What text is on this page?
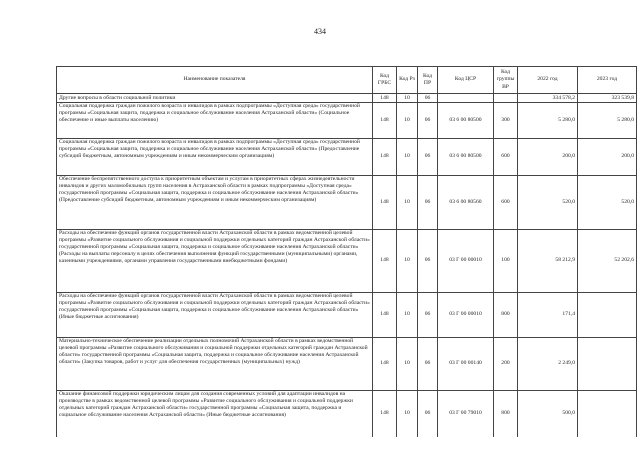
434
Наименование показателя	Код ГРБС	Код Рз	Код ПР	Код ЦСР	Код группы ВР	2022 год	2023 год
Другие вопросы в области социальной политики	148	10	06			334 578,2	323 539,8
Социальная поддержка граждан пожилого возраста и инвалидов в рамках подпрограммы «Доступная среда» государственной программы «Социальная защита, поддержка и социальное обслуживание населения Астраханской области» (Социальное обеспечение и иные выплаты населению)	148	10	06	03 6 00 80500	300	5 280,0	5 280,0
Социальная поддержка граждан пожилого возраста и инвалидов в рамках подпрограммы «Доступная среда» государственной программы «Социальная защита, поддержка и социальное обслуживание населения Астраханской области» (Предоставление субсидий бюджетным, автономным учреждениям и иным некоммерческим организациям)	148	10	06	03 6 00 80500	600	200,0	200,0
Обеспечение беспрепятственного доступа к приоритетным объектам и услугам в приоритетных сферах жизнедеятельности инвалидов и других маломобильных групп населения в Астраханской области в рамках подпрограммы «Доступная среда» государственной программы «Социальная защита, поддержка и социальное обслуживание населения Астраханской области» (Предоставление субсидий бюджетным, автономным учреждениям и иным некоммерческим организациям)	148	10	06	03 6 00 80560	600	520,0	520,0
Расходы на обеспечение функций органов государственной власти Астраханской области в рамках ведомственной целевой программы «Развитие социального обслуживания и социальной поддержки отдельных категорий граждан Астраханской области» государственной программы «Социальная защита, поддержка и социальное обслуживание населения Астраханской области» (Расходы на выплаты персоналу в целях обеспечения выполнения функций государственными (муниципальными) органами, казенными учреждениями, органами управления государственными внебюджетными фондами)	148	10	06	03 Г 00 00010	100	58 212,9	52 202,6
Расходы на обеспечение функций органов государственной власти Астраханской области в рамках ведомственной целевой программы «Развитие социального обслуживания и социальной поддержки отдельных категорий граждан Астраханской области» государственной программы «Социальная защита, поддержка и социальное обслуживание населения Астраханской области» (Иные бюджетные ассигнования)	148	10	06	03 Г 00 00010	800	171,4	
Материально-техническое обеспечение реализации отдельных полномочий Астраханской области в рамках ведомственной целевой программы «Развитие социального обслуживания и социальной поддержки отдельных категорий граждан Астраханской области» государственной программы «Социальная защита, поддержка и социальное обслуживание населения Астраханской области» (Закупка товаров, работ и услуг для обеспечения государственных (муниципальных) нужд)	148	10	06	03 Г 00 00140	200	2 249,0	
Оказание финансовой поддержки юридическим лицам для создания современных условий для адаптации инвалидов на производстве в рамках ведомственной целевой программы «Развитие социального обслуживания и социальной поддержки отдельных категорий граждан Астраханской области» государственной программы «Социальная защита, поддержка и социальное обслуживание населения Астраханской области» (Иные бюджетные ассигнования)	148	10	06	03 Г 00 79010	800	500,0	
